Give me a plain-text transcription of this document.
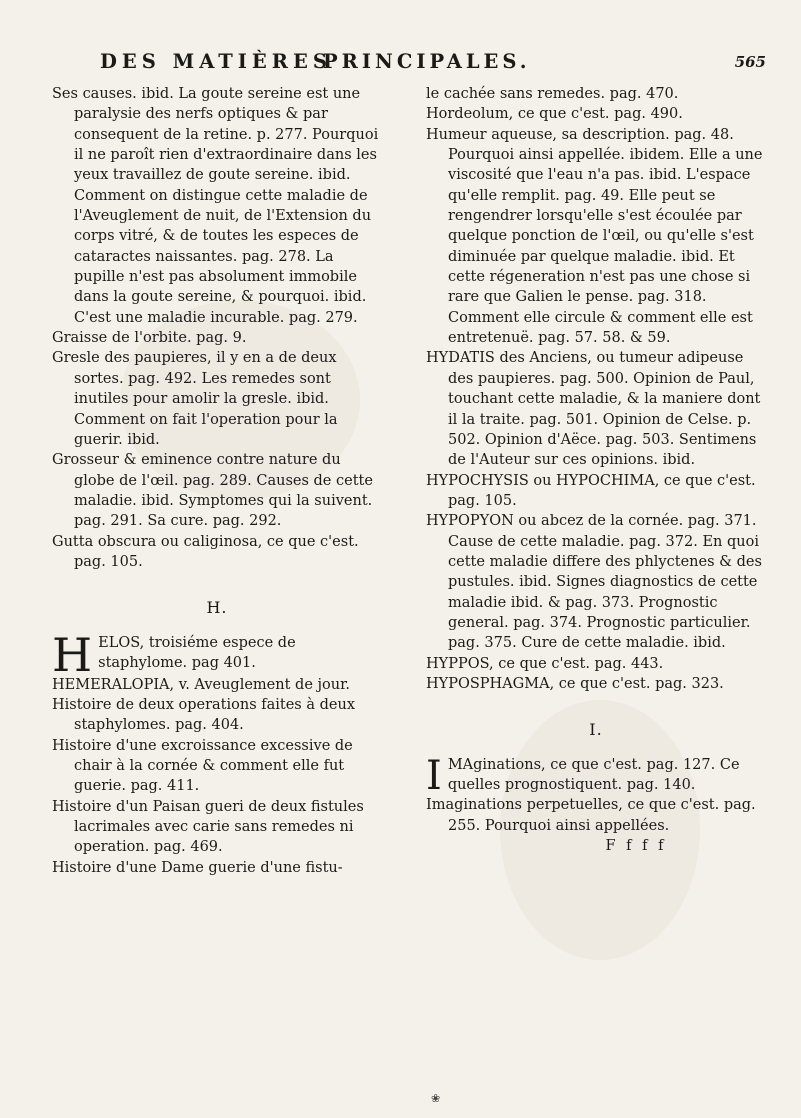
DES MATIÈRES
PRINCIPALES.	565

Ses causes. ibid. La goute sereine est une paralysie des nerfs optiques & par consequent de la retine. p. 277. Pourquoi il ne paroît rien d'extraordinaire dans les yeux travaillez de goute sereine. ibid. Comment on distingue cette maladie de l'Aveuglement de nuit, de l'Extension du corps vitré, & de toutes les especes de cataractes naissantes. pag. 278. La pupille n'est pas absolument immobile dans la goute sereine, & pourquoi. ibid. C'est une maladie incurable. pag. 279.

Graisse de l'orbite. pag. 9.

Gresle des paupieres, il y en a de deux sortes. pag. 492. Les remedes sont inutiles pour amolir la gresle. ibid. Comment on fait l'operation pour la guerir. ibid.

Grosseur & eminence contre nature du globe de l'œil. pag. 289. Causes de cette maladie. ibid. Symptomes qui la suivent. pag. 291. Sa cure. pag. 292.

Gutta obscura ou caliginosa, ce que c'est. pag. 105.

H.
H ELOS, troisiéme espece de staphylome. pag 401.

HEMERALOPIA, v. Aveuglement de jour.

Histoire de deux operations faites à deux staphylomes. pag. 404.

Histoire d'une excroissance excessive de chair à la cornée & comment elle fut guerie. pag. 411.

Histoire d'un Paisan gueri de deux fistules lacrimales avec carie sans remedes ni operation. pag. 469.

Histoire d'une Dame guerie d'une fistu-

le cachée sans remedes. pag. 470.

Hordeolum, ce que c'est. pag. 490.

Humeur aqueuse, sa description. pag. 48. Pourquoi ainsi appellée. ibidem. Elle a une viscosité que l'eau n'a pas. ibid. L'espace qu'elle remplit. pag. 49. Elle peut se rengendrer lorsqu'elle s'est écoulée par quelque ponction de l'œil, ou qu'elle s'est diminuée par quelque maladie. ibid. Et cette régeneration n'est pas une chose si rare que Galien le pense. pag. 318. Comment elle circule & comment elle est entretenuë. pag. 57. 58. & 59.

HYDATIS des Anciens, ou tumeur adipeuse des paupieres. pag. 500. Opinion de Paul, touchant cette maladie, & la maniere dont il la traite. pag. 501. Opinion de Celse. p. 502. Opinion d'Aëce. pag. 503. Sentimens de l'Auteur sur ces opinions. ibid.

HYPOCHYSIS ou HYPOCHIMA, ce que c'est. pag. 105.

HYPOPYON ou abcez de la cornée. pag. 371. Cause de cette maladie. pag. 372. En quoi cette maladie differe des phlyctenes & des pustules. ibid. Signes diagnostics de cette maladie ibid. & pag. 373. Prognostic general. pag. 374. Prognostic particulier. pag. 375. Cure de cette maladie. ibid.

HYPPOS, ce que c'est. pag. 443.

HYPOSPHAGMA, ce que c'est. pag. 323.

I.
I MAginations, ce que c'est. pag. 127. Ce quelles prognostiquent. pag. 140.

Imaginations perpetuelles, ce que c'est. pag. 255. Pourquoi ainsi appellées.

F f f f

❀
